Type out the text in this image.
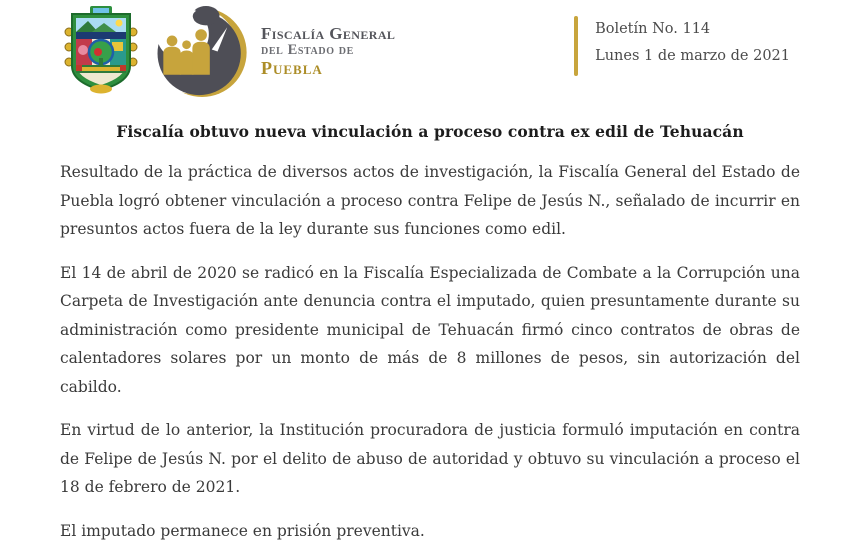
Fiscalía General
del Estado de
Puebla
Boletín No. 114
Lunes 1 de marzo de 2021
Fiscalía obtuvo nueva vinculación a proceso contra ex edil de Tehuacán

Resultado de la práctica de diversos actos de investigación, la Fiscalía General del Estado de Puebla logró obtener vinculación a proceso contra Felipe de Jesús N., señalado de incurrir en presuntos actos fuera de la ley durante sus funciones como edil.

El 14 de abril de 2020 se radicó en la Fiscalía Especializada de Combate a la Corrupción una Carpeta de Investigación ante denuncia contra el imputado, quien presuntamente durante su administración como presidente municipal de Tehuacán firmó cinco contratos de obras de calentadores solares por un monto de más de 8 millones de pesos, sin autorización del cabildo.

En virtud de lo anterior, la Institución procuradora de justicia formuló imputación en contra de Felipe de Jesús N. por el delito de abuso de autoridad y obtuvo su vinculación a proceso el 18 de febrero de 2021.

El imputado permanece en prisión preventiva.
